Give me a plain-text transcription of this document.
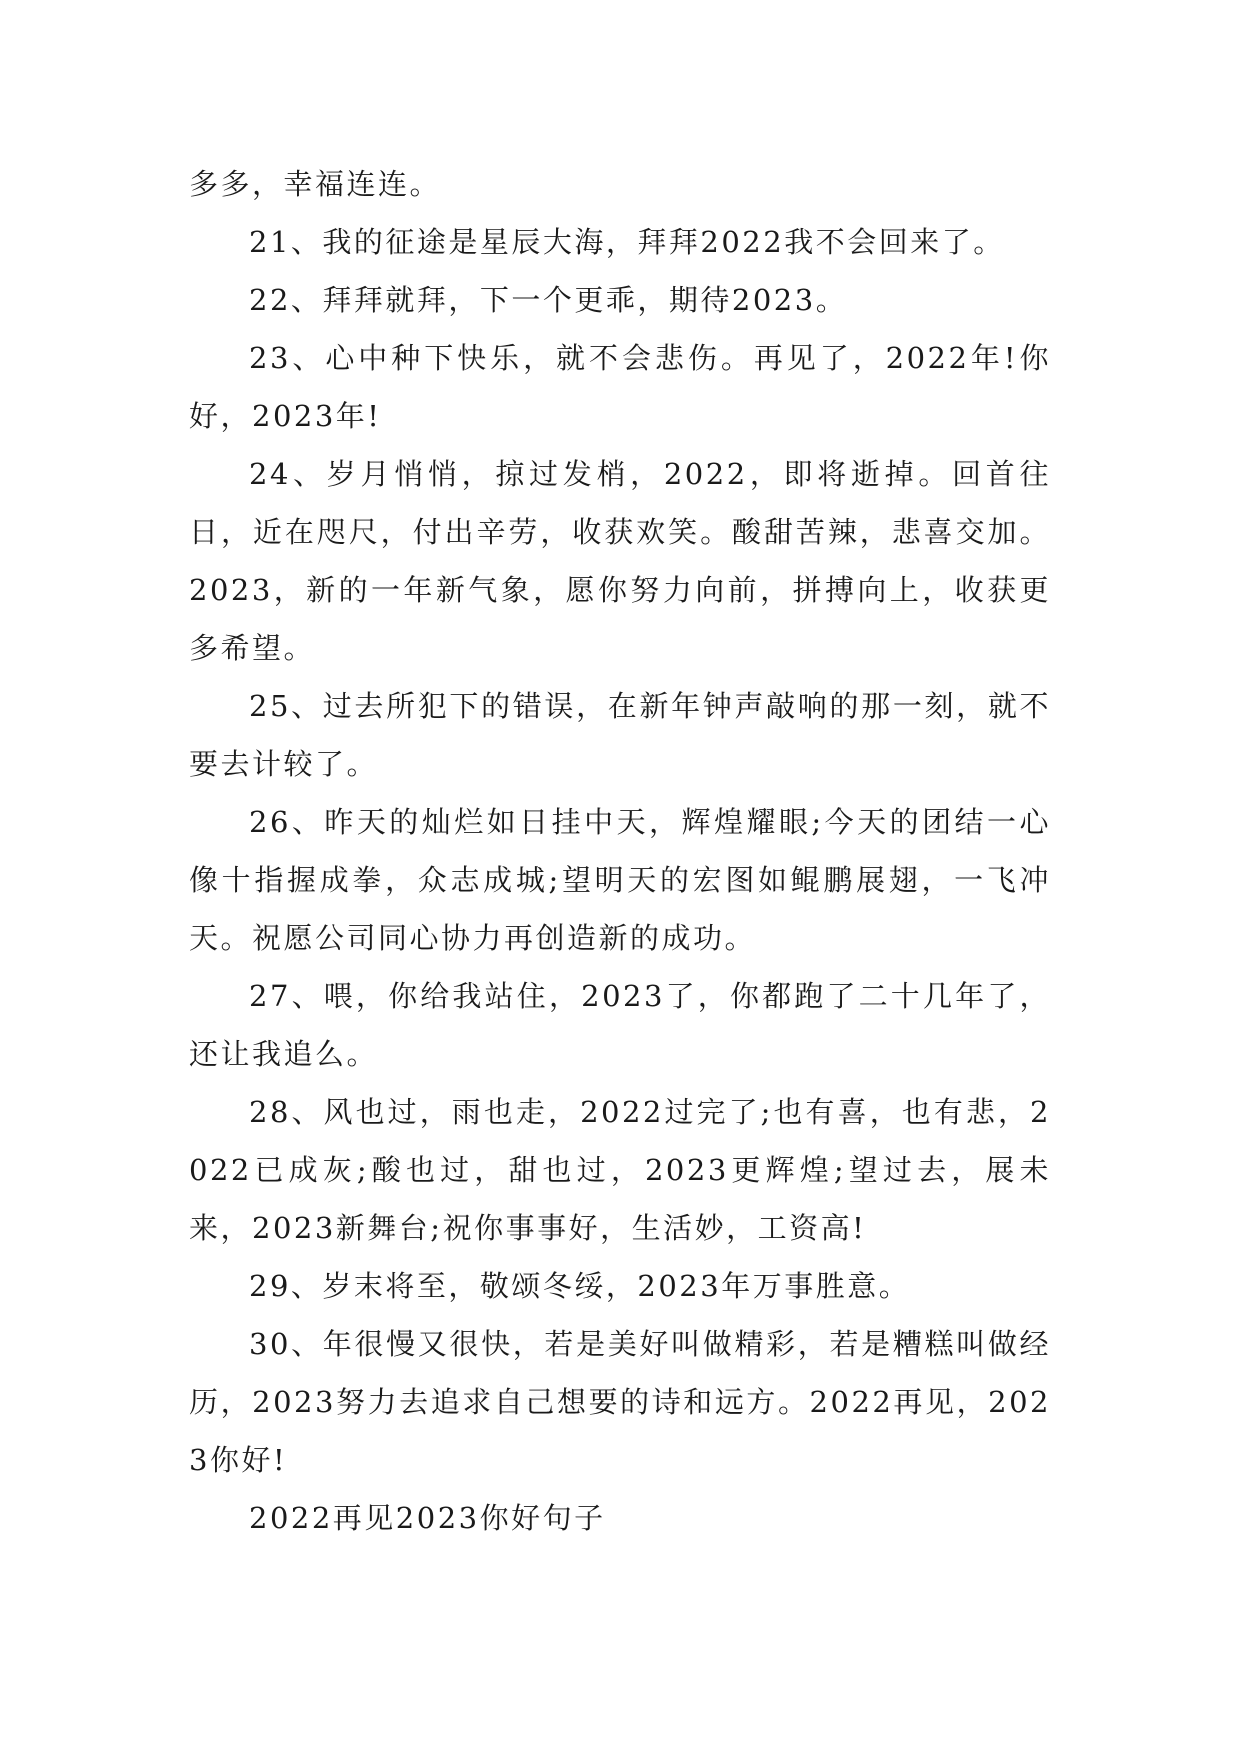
多多，幸福连连。

21、我的征途是星辰大海，拜拜2022我不会回来了。

22、拜拜就拜，下一个更乖，期待2023。

23、心中种下快乐，就不会悲伤。再见了，2022年!你好，2023年!

24、岁月悄悄，掠过发梢，2022，即将逝掉。回首往日，近在咫尺，付出辛劳，收获欢笑。酸甜苦辣，悲喜交加。2023，新的一年新气象，愿你努力向前，拼搏向上，收获更多希望。

25、过去所犯下的错误，在新年钟声敲响的那一刻，就不要去计较了。

26、昨天的灿烂如日挂中天，辉煌耀眼;今天的团结一心像十指握成拳，众志成城;望明天的宏图如鲲鹏展翅，一飞冲天。祝愿公司同心协力再创造新的成功。

27、喂，你给我站住，2023了，你都跑了二十几年了，还让我追么。

28、风也过，雨也走，2022过完了;也有喜，也有悲，2022已成灰;酸也过，甜也过，2023更辉煌;望过去，展未来，2023新舞台;祝你事事好，生活妙，工资高!

29、岁末将至，敬颂冬绥，2023年万事胜意。

30、年很慢又很快，若是美好叫做精彩，若是糟糕叫做经历，2023努力去追求自己想要的诗和远方。2022再见，2023你好!

2022再见2023你好句子
